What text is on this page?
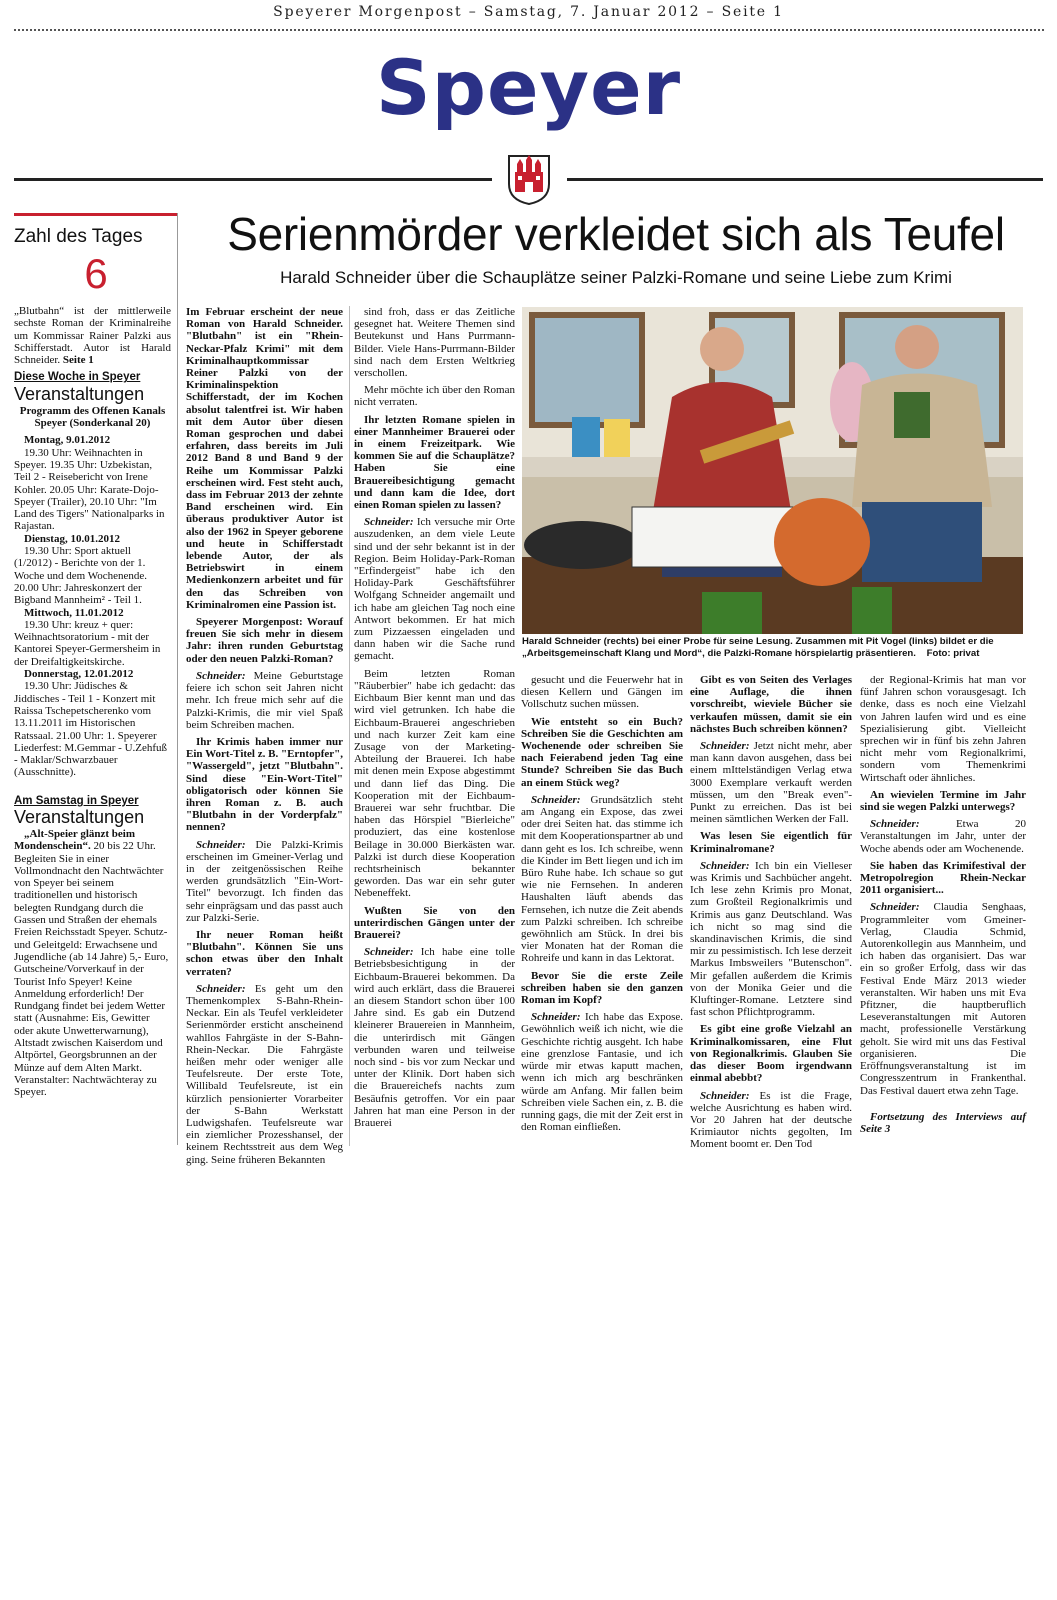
Speyerer Morgenpost – Samstag, 7. Januar 2012 – Seite 1
Speyer
Zahl des Tages
6

„Blutbahn“ ist der mittlerweile sechste Roman der Kriminalreihe um Kommissar Rainer Palzki aus Schifferstadt. Autor ist Harald Schneider. Seite 1

Diese Woche in Speyer

Veranstaltungen

Programm des Offenen Kanals Speyer (Sonderkanal 20)

Montag, 9.01.2012

19.30 Uhr: Weihnachten in Speyer. 19.35 Uhr: Uzbekistan, Teil 2 - Reisebericht von Irene Kohler. 20.05 Uhr: Karate-Dojo-Speyer (Trailer), 20.10 Uhr: "Im Land des Tigers" Nationalparks in Rajastan.

Dienstag, 10.01.2012

19.30 Uhr: Sport aktuell (1/2012) - Berichte von der 1. Woche und dem Wochenende. 20.00 Uhr: Jahreskonzert der Bigband Mannheim² - Teil 1.

Mittwoch, 11.01.2012

19.30 Uhr: kreuz + quer: Weihnachtsoratorium - mit der Kantorei Speyer-Germersheim in der Dreifaltigkeitskirche.

Donnerstag, 12.01.2012

19.30 Uhr: Jüdisches & Jiddisches - Teil 1 - Konzert mit Raissa Tschepetscherenko vom 13.11.2011 im Historischen Ratssaal. 21.00 Uhr: 1. Speyerer Liederfest: M.Gemmar - U.Zehfuß - Maklar/Schwarzbauer (Ausschnitte).

Am Samstag in Speyer

Veranstaltungen

„Alt-Speier glänzt beim Mondenschein“. 20 bis 22 Uhr. Begleiten Sie in einer Vollmondnacht den Nachtwächter von Speyer bei seinem traditionellen und historisch belegten Rundgang durch die Gassen und Straßen der ehemals Freien Reichsstadt Speyer. Schutz- und Geleitgeld: Erwachsene und Jugendliche (ab 14 Jahre) 5,- Euro, Gutscheine/Vorverkauf in der Tourist Info Speyer! Keine Anmeldung erforderlich! Der Rundgang findet bei jedem Wetter statt (Ausnahme: Eis, Gewitter oder akute Unwetterwarnung), Altstadt zwischen Kaiserdom und Altpörtel, Georgsbrunnen an der Münze auf dem Alten Markt. Veranstalter: Nachtwächteray zu Speyer.

Serienmörder verkleidet sich als Teufel
Harald Schneider über die Schauplätze seiner Palzki-Romane und seine Liebe zum Krimi

Im Februar erscheint der neue Roman von Harald Schneider. "Blutbahn" ist ein "Rhein-Neckar-Pfalz Krimi" mit dem Kriminalhauptkommissar Reiner Palzki von der Kriminalinspektion Schifferstadt, der im Kochen absolut talentfrei ist. Wir haben mit dem Autor über diesen Roman gesprochen und dabei erfahren, dass bereits im Juli 2012 Band 8 und Band 9 der Reihe um Kommissar Palzki erscheinen wird. Fest steht auch, dass im Februar 2013 der zehnte Band erscheinen wird. Ein überaus produktiver Autor ist also der 1962 in Speyer geborene und heute in Schifferstadt lebende Autor, der als Betriebswirt in einem Medienkonzern arbeitet und für den das Schreiben von Kriminalromen eine Passion ist.

Speyerer Morgenpost: Worauf freuen Sie sich mehr in diesem Jahr: ihren runden Geburtstag oder den neuen Palzki-Roman?

Schneider: Meine Geburtstage feiere ich schon seit Jahren nicht mehr. Ich freue mich sehr auf die Palzki-Krimis, die mir viel Spaß beim Schreiben machen.

Ihr Krimis haben immer nur Ein Wort-Titel z. B. "Erntopfer", "Wassergeld", jetzt "Blutbahn". Sind diese "Ein-Wort-Titel" obligatorisch oder können Sie ihren Roman z. B. auch "Blutbahn in der Vorderpfalz" nennen?

Schneider: Die Palzki-Krimis erscheinen im Gmeiner-Verlag und in der zeitgenössischen Reihe werden grundsätzlich "Ein-Wort-Titel" bevorzugt. Ich finden das sehr einprägsam und das passt auch zur Palzki-Serie.

Ihr neuer Roman heißt "Blutbahn". Können Sie uns schon etwas über den Inhalt verraten?

Schneider: Es geht um den Themenkomplex S-Bahn-Rhein-Neckar. Ein als Teufel verkleideter Serienmörder ersticht anscheinend wahllos Fahrgäste in der S-Bahn-Rhein-Neckar. Die Fahrgäste heißen mehr oder weniger alle Teufelsreute. Der erste Tote, Willibald Teufelsreute, ist ein kürzlich pensionierter Vorarbeiter der S-Bahn Werkstatt Ludwigshafen. Teufelsreute war ein ziemlicher Prozesshansel, der keinem Rechtsstreit aus dem Weg ging. Seine früheren Bekannten

sind froh, dass er das Zeitliche gesegnet hat. Weitere Themen sind Beutekunst und Hans Purrmann-Bilder. Viele Hans-Purrmann-Bilder sind nach dem Ersten Weltkrieg verschollen.

Mehr möchte ich über den Roman nicht verraten.

Ihr letzten Romane spielen in einer Mannheimer Brauerei oder in einem Freizeitpark. Wie kommen Sie auf die Schauplätze? Haben Sie eine Brauereibesichtigung gemacht und dann kam die Idee, dort einen Roman spielen zu lassen?

Schneider: Ich versuche mir Orte auszudenken, an dem viele Leute sind und der sehr bekannt ist in der Region. Beim Holiday-Park-Roman "Erfindergeist" habe ich den Holiday-Park Geschäftsführer Wolfgang Schneider angemailt und ich habe am gleichen Tag noch eine Antwort bekommen. Er hat mich zum Pizzaessen eingeladen und dann haben wir die Sache rund gemacht.

Beim letzten Roman "Räuberbier" habe ich gedacht: das Eichbaum Bier kennt man und das wird viel getrunken. Ich habe die Eichbaum-Brauerei angeschrieben und nach kurzer Zeit kam eine Zusage von der Marketing-Abteilung der Brauerei. Ich habe mit denen mein Expose abgestimmt und dann lief das Ding. Die Kooperation mit der Eichbaum-Brauerei war sehr fruchtbar. Die haben das Hörspiel "Bierleiche" produziert, das eine kostenlose Beilage in 30.000 Bierkästen war. Palzki ist durch diese Kooperation rechtsrheinisch bekannter geworden. Das war ein sehr guter Nebeneffekt.

Wußten Sie von den unterirdischen Gängen unter der Brauerei?

Schneider: Ich habe eine tolle Betriebsbesichtigung in der Eichbaum-Brauerei bekommen. Da wird auch erklärt, dass die Brauerei an diesem Standort schon über 100 Jahre sind. Es gab ein Dutzend kleinerer Brauereien in Mannheim, die unterirdisch mit Gängen verbunden waren und teilweise noch sind - bis vor zum Neckar und unter der Klinik. Dort haben sich die Brauereichefs nachts zum Besäufnis getroffen. Vor ein paar Jahren hat man eine Person in der Brauerei

gesucht und die Feuerwehr hat in diesen Kellern und Gängen im Vollschutz suchen müssen.

Wie entsteht so ein Buch? Schreiben Sie die Geschichten am Wochenende oder schreiben Sie nach Feierabend jeden Tag eine Stunde? Schreiben Sie das Buch an einem Stück weg?

Schneider: Grundsätzlich steht am Angang ein Expose, das zwei oder drei Seiten hat. das stimme ich mit dem Kooperationspartner ab und dann geht es los. Ich schreibe, wenn die Kinder im Bett liegen und ich im Büro Ruhe habe. Ich schaue so gut wie nie Fernsehen. In anderen Haushalten läuft abends das Fernsehen, ich nutze die Zeit abends zum Palzki schreiben. Ich schreibe gewöhnlich am Stück. In drei bis vier Monaten hat der Roman die Rohreife und kann in das Lektorat.

Bevor Sie die erste Zeile schreiben haben sie den ganzen Roman im Kopf?

Schneider: Ich habe das Expose. Gewöhnlich weiß ich nicht, wie die Geschichte richtig ausgeht. Ich habe eine grenzlose Fantasie, und ich würde mir etwas kaputt machen, wenn ich mich arg beschränken würde am Anfang. Mir fallen beim Schreiben viele Sachen ein, z. B. die running gags, die mit der Zeit erst in den Roman einfließen.

Gibt es von Seiten des Verlages eine Auflage, die ihnen vorschreibt, wieviele Bücher sie verkaufen müssen, damit sie ein nächstes Buch schreiben können?

Schneider: Jetzt nicht mehr, aber man kann davon ausgehen, dass bei einem mIttelständigen Verlag etwa 3000 Exemplare verkauft werden müssen, um den "Break even"-Punkt zu erreichen. Das ist bei meinen sämtlichen Werken der Fall.

Was lesen Sie eigentlich für Kriminalromane?

Schneider: Ich bin ein Vielleser was Krimis und Sachbücher angeht. Ich lese zehn Krimis pro Monat, zum Großteil Regionalkrimis und Krimis aus ganz Deutschland. Was ich nicht so mag sind die skandinavischen Krimis, die sind mir zu pessimistisch. Ich lese derzeit Markus Imbsweilers "Butenschon". Mir gefallen außerdem die Krimis von der Monika Geier und die Kluftinger-Romane. Letztere sind fast schon Pflichtprogramm.

Es gibt eine große Vielzahl an Kriminalkomissaren, eine Flut von Regionalkrimis. Glauben Sie das dieser Boom irgendwann einmal abebbt?

Schneider: Es ist die Frage, welche Ausrichtung es haben wird. Vor 20 Jahren hat der deutsche Krimiautor nichts gegolten, Im Moment boomt er. Den Tod

der Regional-Krimis hat man vor fünf Jahren schon vorausgesagt. Ich denke, dass es noch eine Vielzahl von Jahren laufen wird und es eine Spezialisierung gibt. Vielleicht sprechen wir in fünf bis zehn Jahren nicht mehr vom Regionalkrimi, sondern vom Themenkrimi Wirtschaft oder ähnliches.

An wievielen Termine im Jahr sind sie wegen Palzki unterwegs?

Schneider:	Etwa 20 Veranstaltungen im Jahr, unter der Woche abends oder am Wochenende.

Sie haben das Krimifestival der Metropolregion Rhein-Neckar 2011 organisiert...

Schneider: Claudia Senghaas, Programmleiter vom Gmeiner-Verlag, Claudia Schmid, Autorenkollegin aus Mannheim, und ich haben das organisiert. Das war ein so großer Erfolg, dass wir das Festival Ende März 2013 wieder veranstalten. Wir haben uns mit Eva Pfitzner, die hauptberuflich Leseveranstaltungen mit Autoren macht, professionelle Verstärkung geholt. Sie wird mit uns das Festival organisieren. Die Eröffnungsveranstaltung ist im Congresszentrum in Frankenthal. Das Festival dauert etwa zehn Tage.

Fortsetzung des Interviews auf Seite 3

Harald Schneider (rechts) bei einer Probe für seine Lesung. Zusammen mit Pit Vogel (links) bildet er die „Arbeitsgemeinschaft Klang und Mord“, die Palzki-Romane hörspielartig präsentieren. Foto: privat
